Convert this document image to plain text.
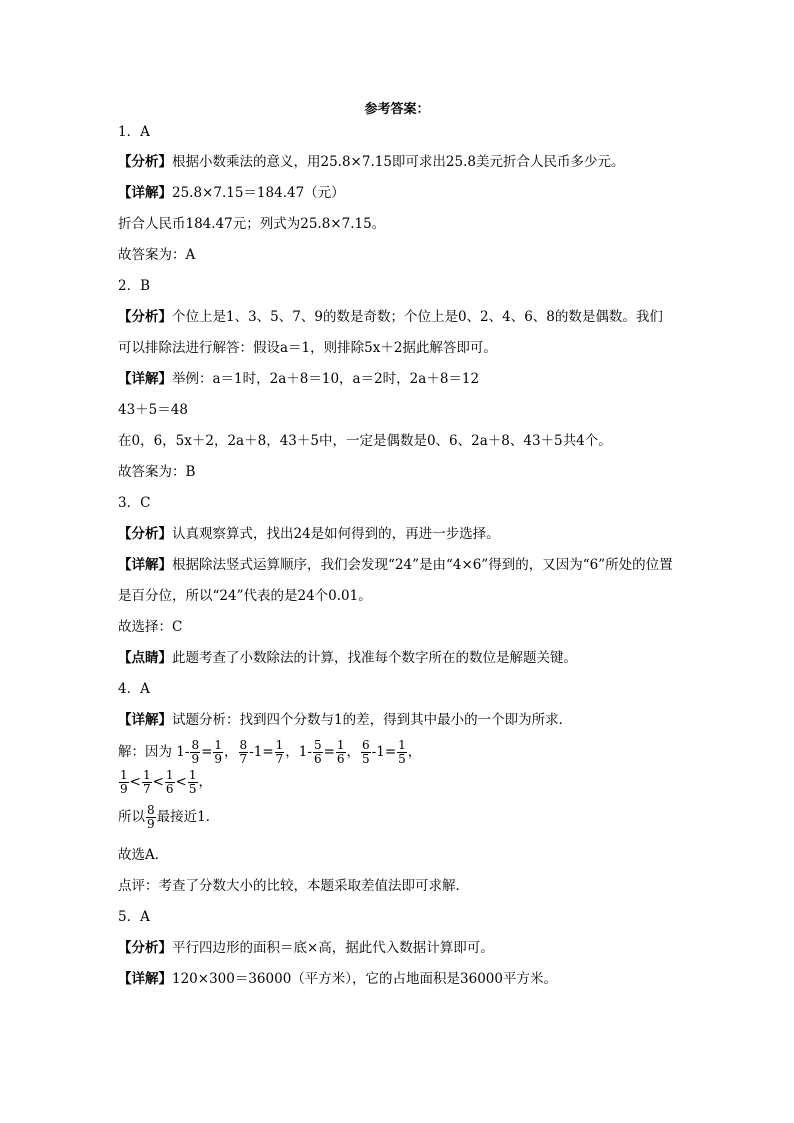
参考答案：
1．A
【分析】根据小数乘法的意义，用25.8×7.15即可求出25.8美元折合人民币多少元。
【详解】25.8×7.15＝184.47（元）
折合人民币184.47元；列式为25.8×7.15。
故答案为：A
2．B
【分析】个位上是1、3、5、7、9的数是奇数；个位上是0、2、4、6、8的数是偶数。我们
可以排除法进行解答：假设a＝1，则排除5x＋2据此解答即可。
【详解】举例：a＝1时，2a＋8＝10，a＝2时，2a＋8＝12
43＋5＝48
在0，6，5x＋2，2a＋8，43＋5中，一定是偶数是0、6、2a＋8、43＋5共4个。
故答案为：B
3．C
【分析】认真观察算式，找出24是如何得到的，再进一步选择。
【详解】根据除法竖式运算顺序，我们会发现“24”是由“4×6”得到的，又因为“6”所处的位置
是百分位，所以“24”代表的是24个0.01。
故选择：C
【点睛】此题考查了小数除法的计算，找准每个数字所在的数位是解题关键。
4．A
【详解】试题分析：找到四个分数与1的差，得到其中最小的一个即为所求．
解：因为 $1- \frac{8}{9} = \frac{1}{9}$ ， $\frac{8}{7} -1= \frac{1}{7}$ ，$1- \frac{5}{6} = \frac{1}{6}$ ， $\frac{6}{5} -1= \frac{1}{5}$ ，
$\frac{1}{9} < \frac{1}{7} < \frac{1}{6} < \frac{1}{5}$ ，
所以 $\frac{8}{9}$ 最接近1．
故选A．
点评：考查了分数大小的比较，本题采取差值法即可求解．
5．A
【分析】平行四边形的面积＝底×高，据此代入数据计算即可。
【详解】120×300＝36000（平方米），它的占地面积是36000平方米。
